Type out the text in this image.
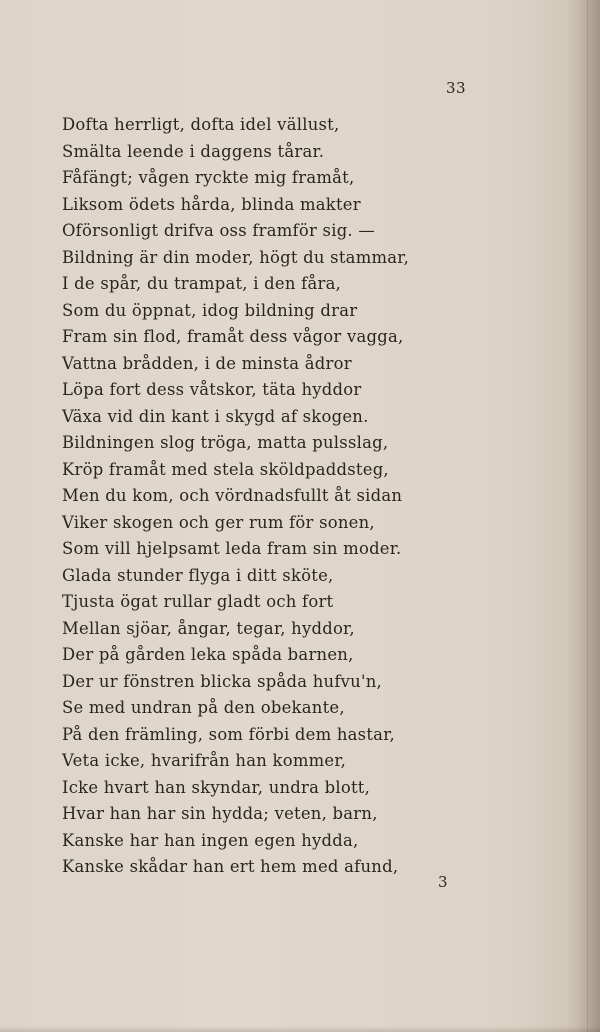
33
Dofta herrligt, dofta idel vällust,
Smälta leende i daggens tårar.
Fåfängt; vågen ryckte mig framåt,
Liksom ödets hårda, blinda makter
Oförsonligt drifva oss framför sig. —
Bildning är din moder, högt du stammar,
I de spår, du trampat, i den fåra,
Som du öppnat, idog bildning drar
Fram sin flod, framåt dess vågor vagga,
Vattna brådden, i de minsta ådror
Löpa fort dess våtskor, täta hyddor
Växa vid din kant i skygd af skogen.
Bildningen slog tröga, matta pulsslag,
Kröp framåt med stela sköldpaddsteg,
Men du kom, och vördnadsfullt åt sidan
Viker skogen och ger rum för sonen,
Som vill hjelpsamt leda fram sin moder.
Glada stunder flyga i ditt sköte,
Tjusta ögat rullar gladt och fort
Mellan sjöar, ångar, tegar, hyddor,
Der på gården leka spåda barnen,
Der ur fönstren blicka spåda hufvu'n,
Se med undran på den obekante,
På den främling, som förbi dem hastar,
Veta icke, hvarifrån han kommer,
Icke hvart han skyndar, undra blott,
Hvar han har sin hydda; veten, barn,
Kanske har han ingen egen hydda,
Kanske skådar han ert hem med afund,
3
